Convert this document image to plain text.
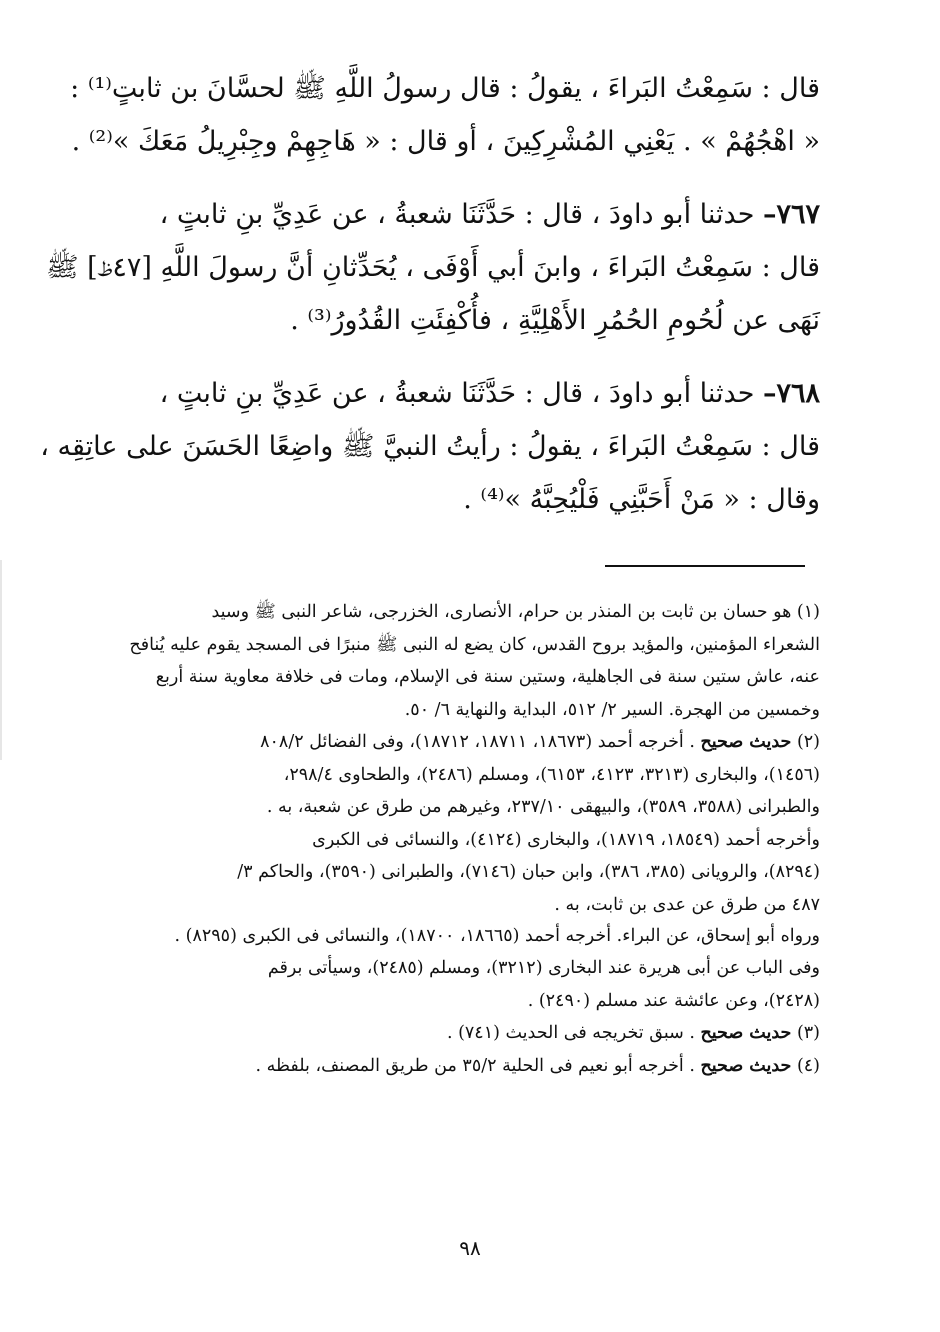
قال : سَمِعْتُ البَراءَ ، يقولُ : قال رسولُ اللَّهِ ﷺ لحسَّانَ بن ثابتٍ⁽¹⁾ :
« اهْجُهُمْ » . يَعْنِي المُشْرِكِينَ ، أو قال : « هَاجِهِمْ وجِبْرِيلُ مَعَكَ »⁽²⁾ .
٧٦٧– حدثنا أبو داودَ ، قال : حَدَّثَنَا شعبةُ ، عن عَدِيِّ بنِ ثابتٍ ،
قال : سَمِعْتُ البَراءَ ، وابنَ أبي أَوْفَى ، يُحَدِّثانِ أنَّ رسولَ اللَّهِ [٤٧ظ] ﷺ
نَهَى عن لُحُومِ الحُمُرِ الأَهْلِيَّةِ ، فأُكْفِئَتِ القُدُورُ⁽³⁾ .
٧٦٨– حدثنا أبو داودَ ، قال : حَدَّثَنَا شعبةُ ، عن عَدِيِّ بنِ ثابتٍ ،
قال : سَمِعْتُ البَراءَ ، يقولُ : رأيتُ النبيَّ ﷺ واضِعًا الحَسَنَ على عاتِقِه ،
وقال : « مَنْ أَحَبَّنِي فَلْيُحِبَّهُ »⁽⁴⁾ .
(١) هو حسان بن ثابت بن المنذر بن حرام، الأنصارى، الخزرجى، شاعر النبى ﷺ وسيد
الشعراء المؤمنين، والمؤيد بروح القدس، كان يضع له النبى ﷺ منبرًا فى المسجد يقوم عليه يُنافح
عنه، عاش ستين سنة فى الجاهلية، وستين سنة فى الإسلام، ومات فى خلافة معاوية سنة أربع
وخمسين من الهجرة. السير ٢/ ٥١٢، البداية والنهاية ٦/ ٥٠.
(٢) حديث صحيح . أخرجه أحمد (١٨٦٧٣، ١٨٧١١، ١٨٧١٢)، وفى الفضائل ٨٠٨/٢
(١٤٥٦)، والبخارى (٣٢١٣، ٤١٢٣، ٦١٥٣)، ومسلم (٢٤٨٦)، والطحاوى ٢٩٨/٤،
والطبرانى (٣٥٨٨، ٣٥٨٩)، والبيهقى ٢٣٧/١٠، وغيرهم من طرق عن شعبة، به .
وأخرجه أحمد (١٨٥٤٩، ١٨٧١٩)، والبخارى (٤١٢٤)، والنسائى فى الكبرى
(٨٢٩٤)، والرويانى (٣٨٥، ٣٨٦)، وابن حبان (٧١٤٦)، والطبرانى (٣٥٩٠)، والحاكم ٣/
٤٨٧ من طرق عن عدى بن ثابت، به .
ورواه أبو إسحاق، عن البراء. أخرجه أحمد (١٨٦٦٥، ١٨٧٠٠)، والنسائى فى الكبرى (٨٢٩٥) .
وفى الباب عن أبى هريرة عند البخارى (٣٢١٢)، ومسلم (٢٤٨٥)، وسيأتى برقم
(٢٤٢٨)، وعن عائشة عند مسلم (٢٤٩٠) .
(٣) حديث صحيح . سبق تخريجه فى الحديث (٧٤١) .
(٤) حديث صحيح . أخرجه أبو نعيم فى الحلية ٣٥/٢ من طريق المصنف، بلفظه .
٩٨
